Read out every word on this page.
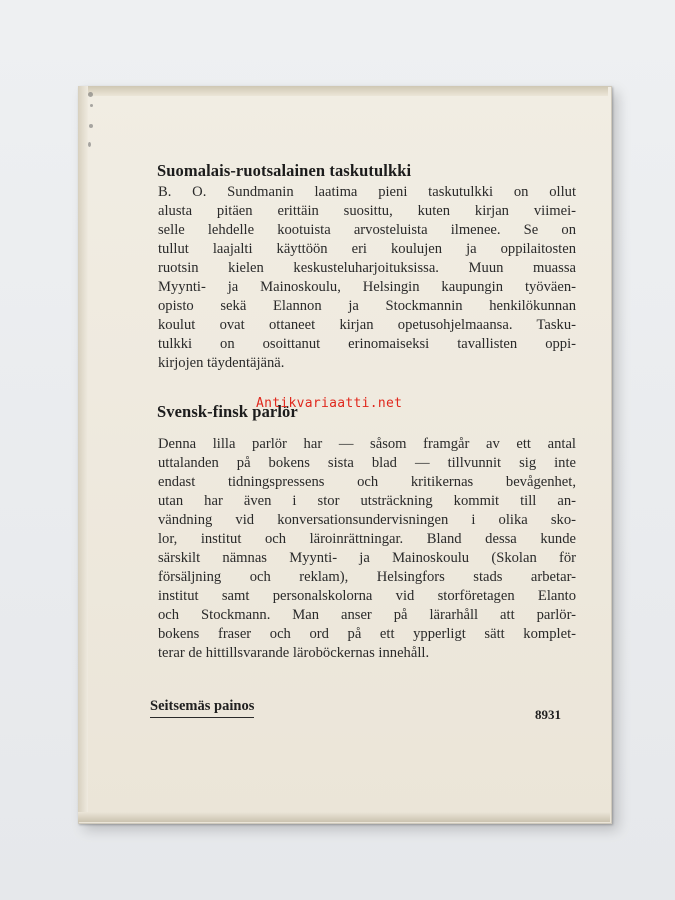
Suomalais-ruotsalainen taskutulkki
B. O. Sundmanin laatima pieni taskutulkki on ollut
alusta pitäen erittäin suosittu, kuten kirjan viimei-
selle lehdelle kootuista arvosteluista ilmenee. Se on
tullut laajalti käyttöön eri koulujen ja oppilaitosten
ruotsin kielen keskusteluharjoituksissa. Muun muassa
Myynti- ja Mainoskoulu, Helsingin kaupungin työväen-
opisto sekä Elannon ja Stockmannin henkilökunnan
koulut ovat ottaneet kirjan opetusohjelmaansa. Tasku-
tulkki on osoittanut erinomaiseksi tavallisten oppi-
kirjojen täydentäjänä.
Svensk-finsk parlör
Antikvariaatti.net
Denna lilla parlör har — såsom framgår av ett antal
uttalanden på bokens sista blad — tillvunnit sig inte
endast tidningspressens och kritikernas bevågenhet,
utan har även i stor utsträckning kommit till an-
vändning vid konversationsundervisningen i olika sko-
lor, institut och läroinrättningar. Bland dessa kunde
särskilt nämnas Myynti- ja Mainoskoulu (Skolan för
försäljning och reklam), Helsingfors stads arbetar-
institut samt personalskolorna vid storföretagen Elanto
och Stockmann. Man anser på lärarhåll att parlör-
bokens fraser och ord på ett ypperligt sätt komplet-
terar de hittillsvarande läroböckernas innehåll.
Seitsemäs painos
8931
